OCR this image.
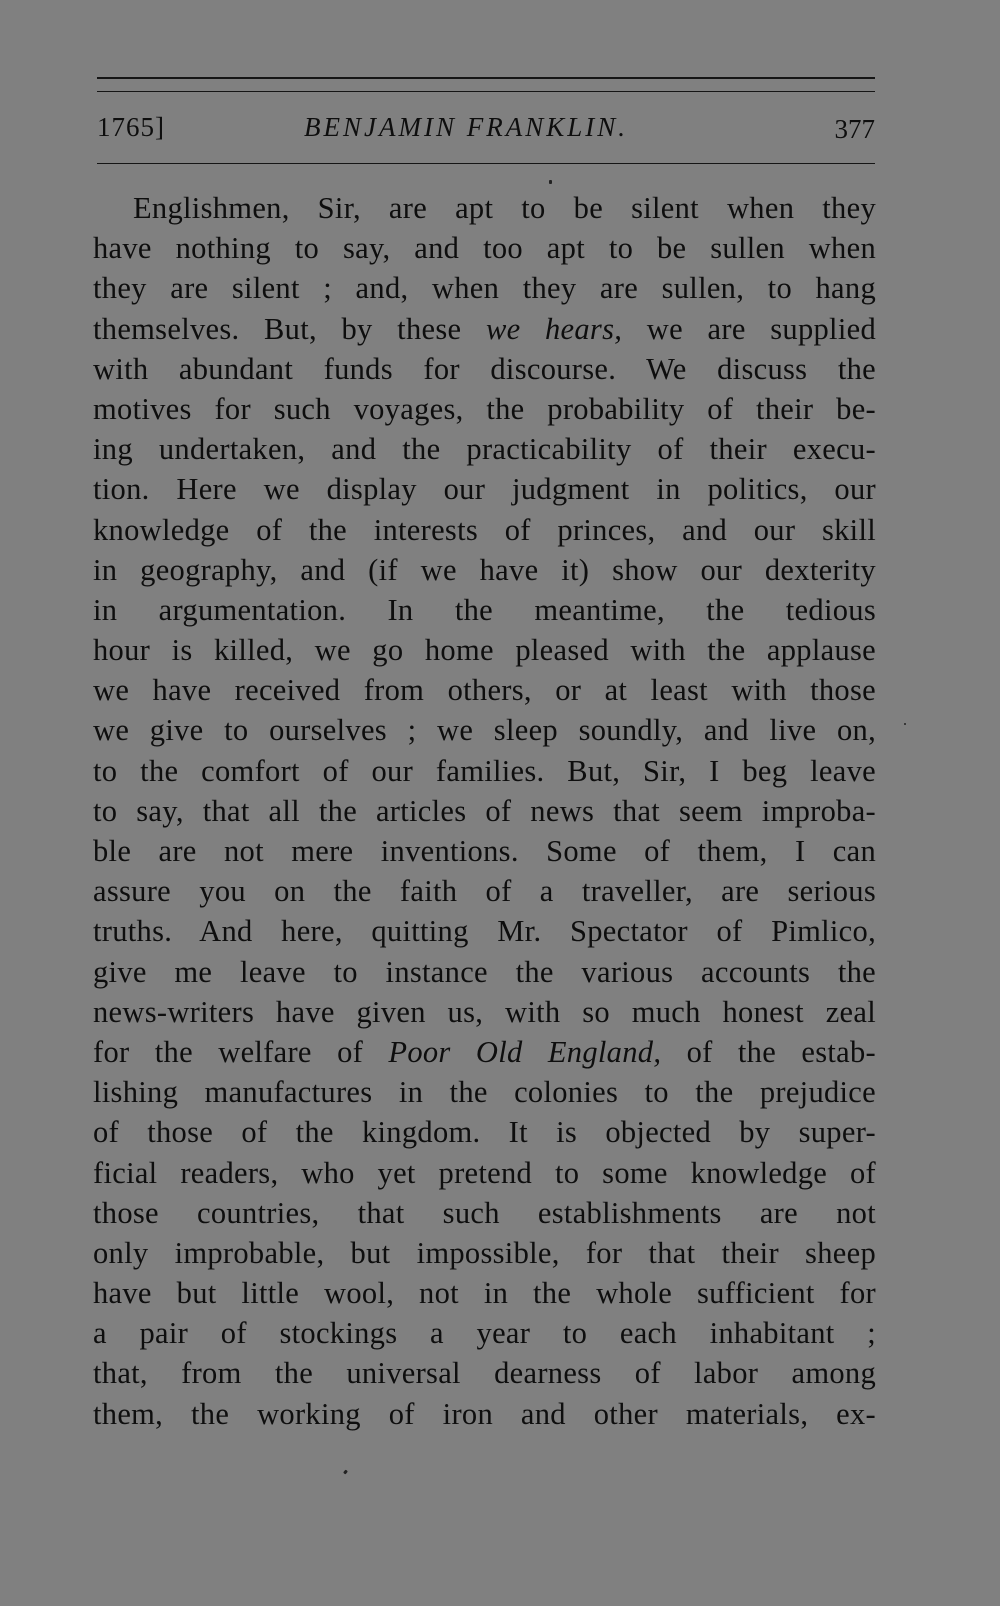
1765]	BENJAMIN FRANKLIN.	377
Englishmen, Sir, are apt to be silent when they
have nothing to say, and too apt to be sullen when
they are silent ; and, when they are sullen, to hang
themselves. But, by these we hears, we are supplied
with abundant funds for discourse. We discuss the
motives for such voyages, the probability of their be-
ing undertaken, and the practicability of their execu-
tion. Here we display our judgment in politics, our
knowledge of the interests of princes, and our skill
in geography, and (if we have it) show our dexterity
in argumentation. In the meantime, the tedious
hour is killed, we go home pleased with the applause
we have received from others, or at least with those
we give to ourselves ; we sleep soundly, and live on,
to the comfort of our families. But, Sir, I beg leave
to say, that all the articles of news that seem improba-
ble are not mere inventions. Some of them, I can
assure you on the faith of a traveller, are serious
truths. And here, quitting Mr. Spectator of Pimlico,
give me leave to instance the various accounts the
news-writers have given us, with so much honest zeal
for the welfare of Poor Old England, of the estab-
lishing manufactures in the colonies to the prejudice
of those of the kingdom. It is objected by super-
ficial readers, who yet pretend to some knowledge of
those countries, that such establishments are not
only improbable, but impossible, for that their sheep
have but little wool, not in the whole sufficient for
a pair of stockings a year to each inhabitant ;
that, from the universal dearness of labor among
them, the working of iron and other materials, ex-
